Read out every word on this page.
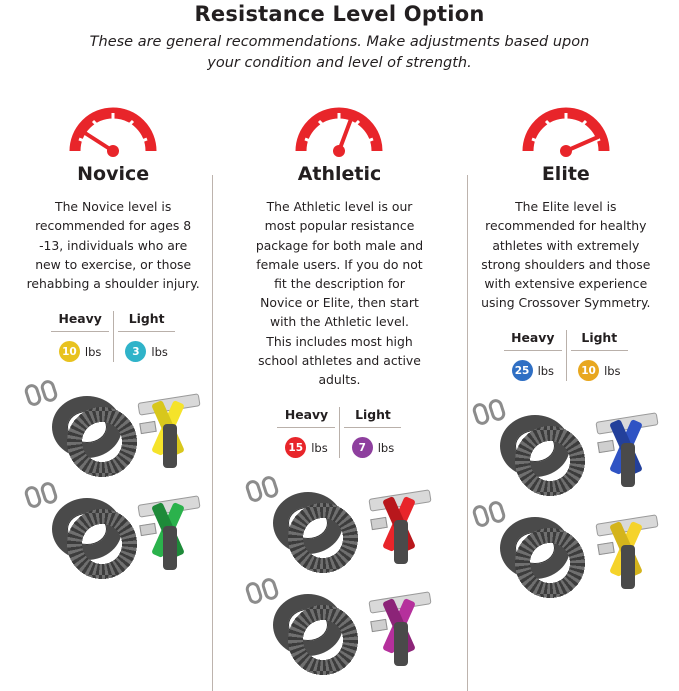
Resistance Level Option

These are general recommendations. Make adjustments based upon your condition and level of strength.

Novice
The Novice level is recommended for ages 8 -13, individuals who are new to exercise, or those rehabbing a shoulder injury.
Heavy
10 lbs
Light
3	lbs
Athletic
The Athletic level is our most popular resistance package for both male and female users. If you do not fit the description for Novice or Elite, then start with the Athletic level. This includes most high school athletes and active adults.
Heavy
15 lbs
Light
7	lbs
Elite
The Elite level is recommended for healthy athletes with extremely strong shoulders and those with extensive experience using Crossover Symmetry.
Heavy
25 lbs
Light
10 lbs
